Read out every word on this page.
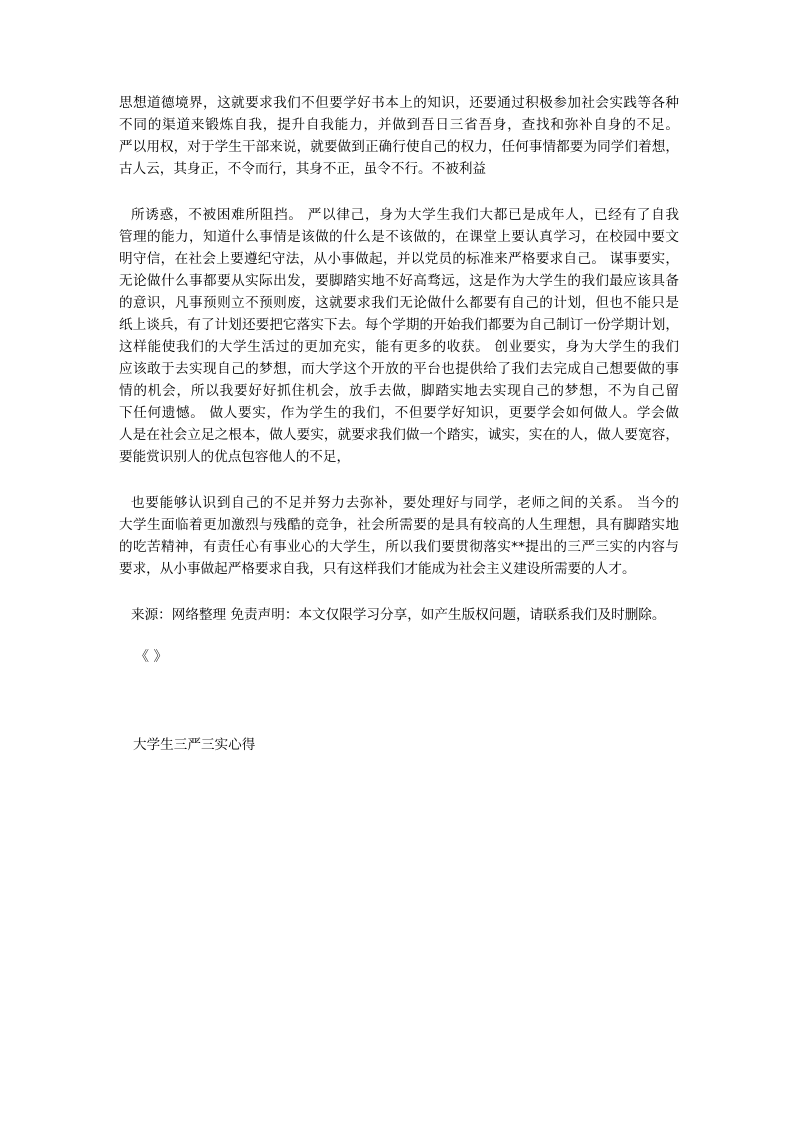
思想道德境界，这就要求我们不但要学好书本上的知识，还要通过积极参加社会实践等各种
不同的渠道来锻炼自我，提升自我能力，并做到吾日三省吾身，查找和弥补自身的不足。
严以用权，对于学生干部来说，就要做到正确行使自己的权力，任何事情都要为同学们着想，
古人云，其身正，不令而行，其身不正，虽令不行。不被利益
所诱惑，不被困难所阻挡。 严以律己，身为大学生我们大都已是成年人，已经有了自我
管理的能力，知道什么事情是该做的什么是不该做的，在课堂上要认真学习，在校园中要文
明守信，在社会上要遵纪守法，从小事做起，并以党员的标准来严格要求自己。 谋事要实，
无论做什么事都要从实际出发，要脚踏实地不好高骛远，这是作为大学生的我们最应该具备
的意识，凡事预则立不预则废，这就要求我们无论做什么都要有自己的计划，但也不能只是
纸上谈兵，有了计划还要把它落实下去。每个学期的开始我们都要为自己制订一份学期计划，
这样能使我们的大学生活过的更加充实，能有更多的收获。 创业要实，身为大学生的我们
应该敢于去实现自己的梦想，而大学这个开放的平台也提供给了我们去完成自己想要做的事
情的机会，所以我要好好抓住机会，放手去做，脚踏实地去实现自己的梦想，不为自己留
下任何遗憾。 做人要实，作为学生的我们，不但要学好知识，更要学会如何做人。学会做
人是在社会立足之根本，做人要实，就要求我们做一个踏实，诚实，实在的人，做人要宽容，
要能赏识别人的优点包容他人的不足，
也要能够认识到自己的不足并努力去弥补，要处理好与同学，老师之间的关系。 当今的
大学生面临着更加激烈与残酷的竞争，社会所需要的是具有较高的人生理想，具有脚踏实地
的吃苦精神，有责任心有事业心的大学生，所以我们要贯彻落实**提出的三严三实的内容与
要求，从小事做起严格要求自我，只有这样我们才能成为社会主义建设所需要的人才。
来源：网络整理 免责声明：本文仅限学习分享，如产生版权问题，请联系我们及时删除。
《 》
大学生三严三实心得
